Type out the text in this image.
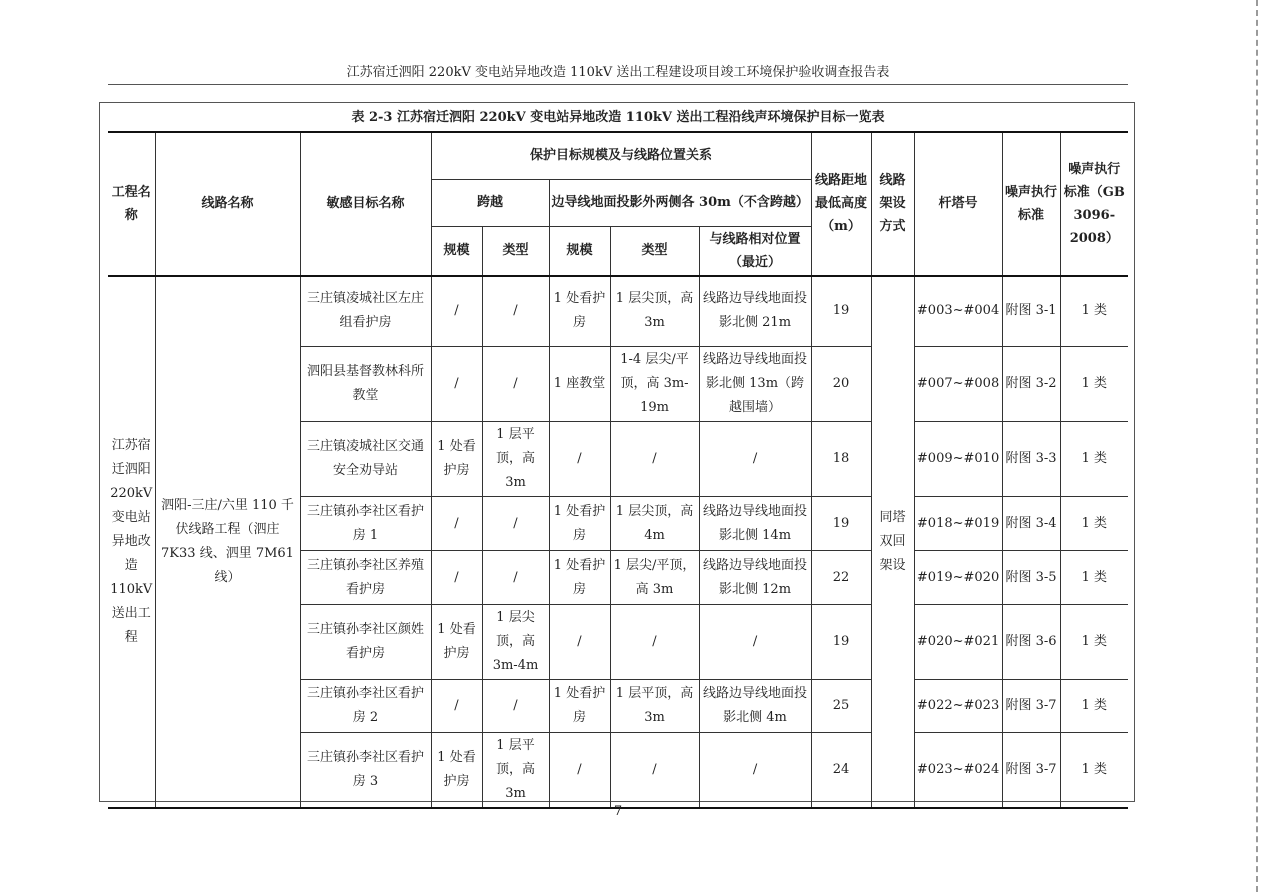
江苏宿迁泗阳 220kV 变电站异地改造 110kV 送出工程建设项目竣工环境保护验收调查报告表
表 2-3 江苏宿迁泗阳 220kV 变电站异地改造 110kV 送出工程沿线声环境保护目标一览表
工程名称	线路名称	敏感目标名称	保护目标规模及与线路位置关系					线路距地最低高度（m）	线路架设方式	杆塔号	噪声执行标准	噪声执行标准（GB 3096-2008）
			跨越		边导线地面投影外两侧各 30m（不含跨越）							
			规模	类型	规模	类型	与线路相对位置（最近）					
江苏宿迁泗阳220kV变电站异地改造110kV送出工程	泗阳-三庄/六里 110 千伏线路工程（泗庄 7K33 线、泗里 7M61 线）	三庄镇凌城社区左庄组看护房	/	/	1 处看护房	1 层尖顶，高 3m	线路边导线地面投影北侧 21m	19	同塔双回架设	#003~#004	附图 3-1	1 类
		泗阳县基督教林科所教堂	/	/	1 座教堂	1-4 层尖/平顶，高 3m-19m	线路边导线地面投影北侧 13m（跨越围墙）	20		#007~#008	附图 3-2	1 类
		三庄镇凌城社区交通安全劝导站	1 处看护房	1 层平顶，高 3m	/	/	/	18		#009~#010	附图 3-3	1 类
		三庄镇孙李社区看护房 1	/	/	1 处看护房	1 层尖顶，高 4m	线路边导线地面投影北侧 14m	19		#018~#019	附图 3-4	1 类
		三庄镇孙李社区养殖看护房	/	/	1 处看护房	1 层尖/平顶，高 3m	线路边导线地面投影北侧 12m	22		#019~#020	附图 3-5	1 类
		三庄镇孙李社区颜姓看护房	1 处看护房	1 层尖顶，高 3m-4m	/	/	/	19		#020~#021	附图 3-6	1 类
		三庄镇孙李社区看护房 2	/	/	1 处看护房	1 层平顶，高 3m	线路边导线地面投影北侧 4m	25		#022~#023	附图 3-7	1 类
		三庄镇孙李社区看护房 3	1 处看护房	1 层平顶，高 3m	/	/	/	24		#023~#024	附图 3-7	1 类
7
